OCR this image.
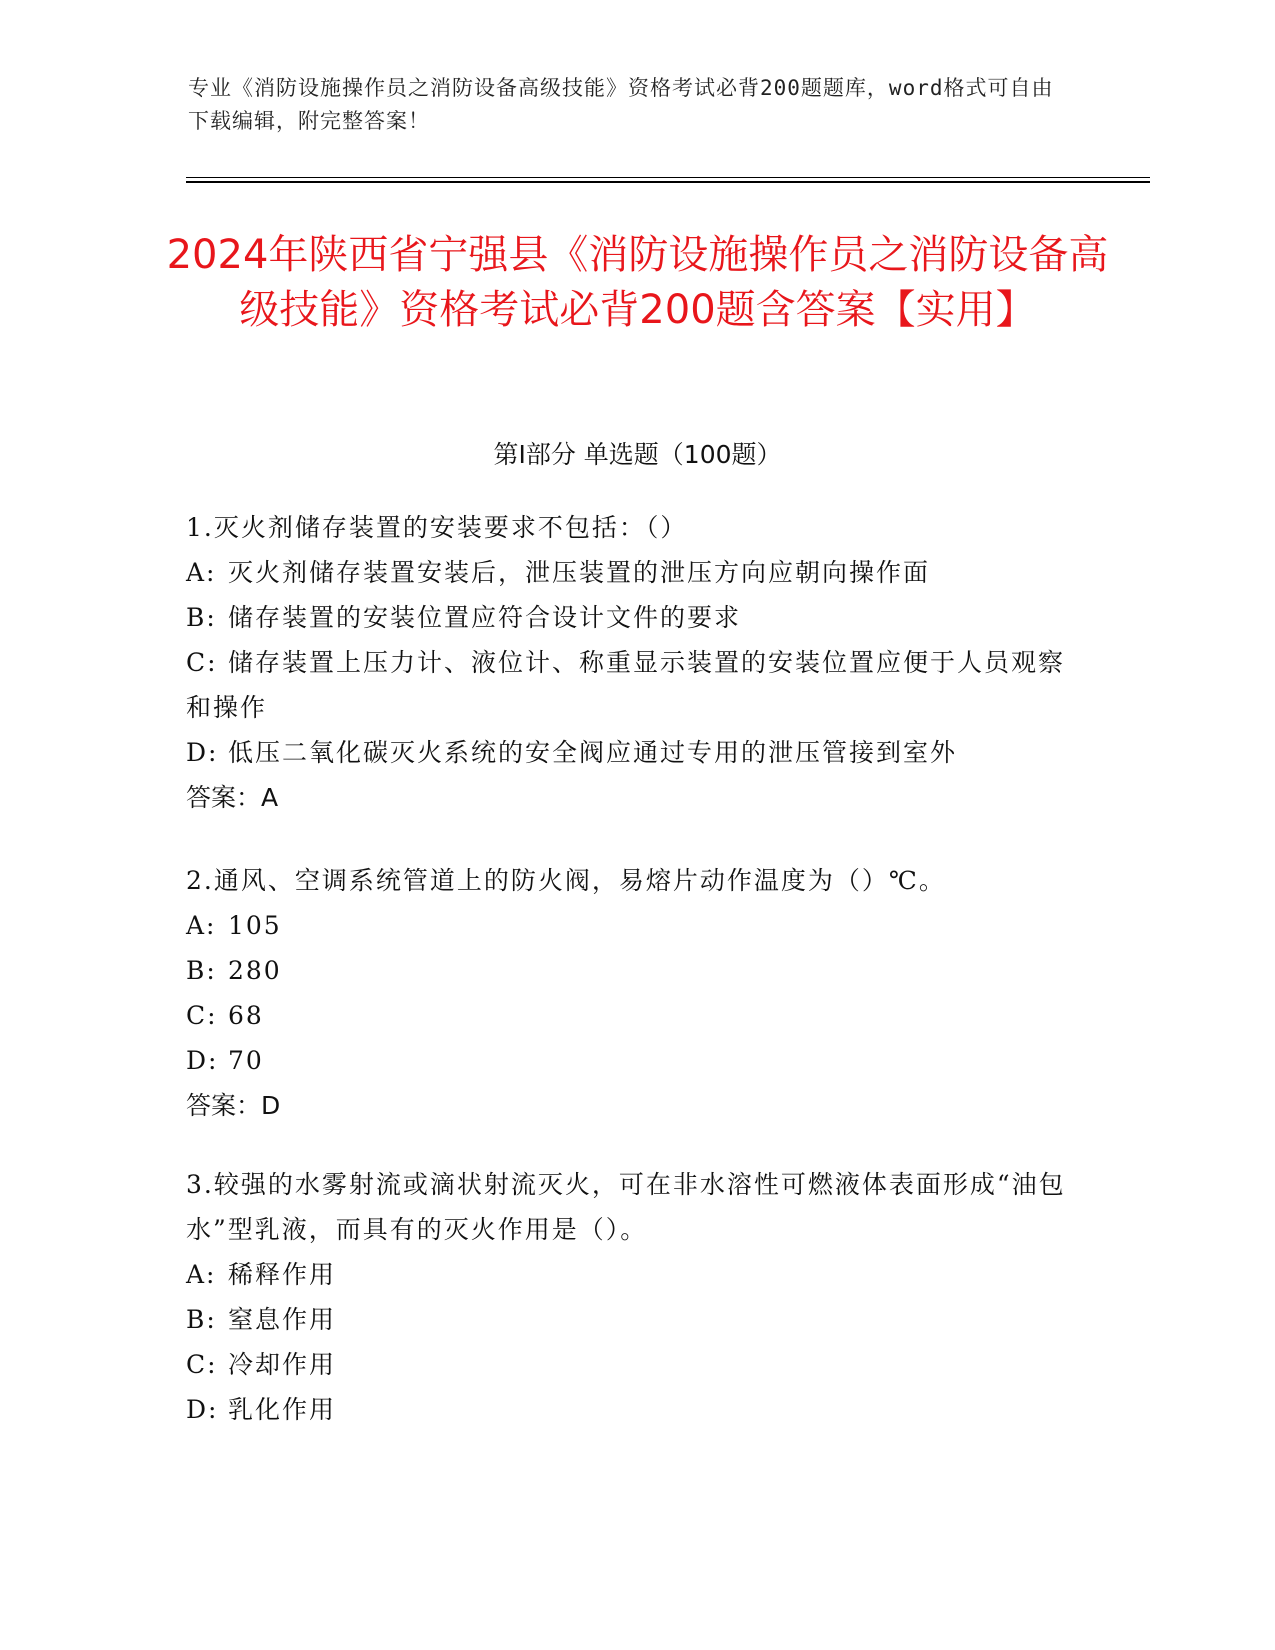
专业《消防设施操作员之消防设备高级技能》资格考试必背200题题库，word格式可自由下载编辑，附完整答案！
2024年陕西省宁强县《消防设施操作员之消防设备高级技能》资格考试必背200题含答案【实用】
第Ⅰ部分 单选题（100题）
1.灭火剂储存装置的安装要求不包括：（）
A: 灭火剂储存装置安装后，泄压装置的泄压方向应朝向操作面
B: 储存装置的安装位置应符合设计文件的要求
C: 储存装置上压力计、液位计、称重显示装置的安装位置应便于人员观察和操作
D: 低压二氧化碳灭火系统的安全阀应通过专用的泄压管接到室外
答案：A
2.通风、空调系统管道上的防火阀，易熔片动作温度为（）℃。
A: 105
B: 280
C: 68
D: 70
答案：D
3.较强的水雾射流或滴状射流灭火，可在非水溶性可燃液体表面形成“油包水”型乳液，而具有的灭火作用是（）。
A: 稀释作用
B: 窒息作用
C: 冷却作用
D: 乳化作用
